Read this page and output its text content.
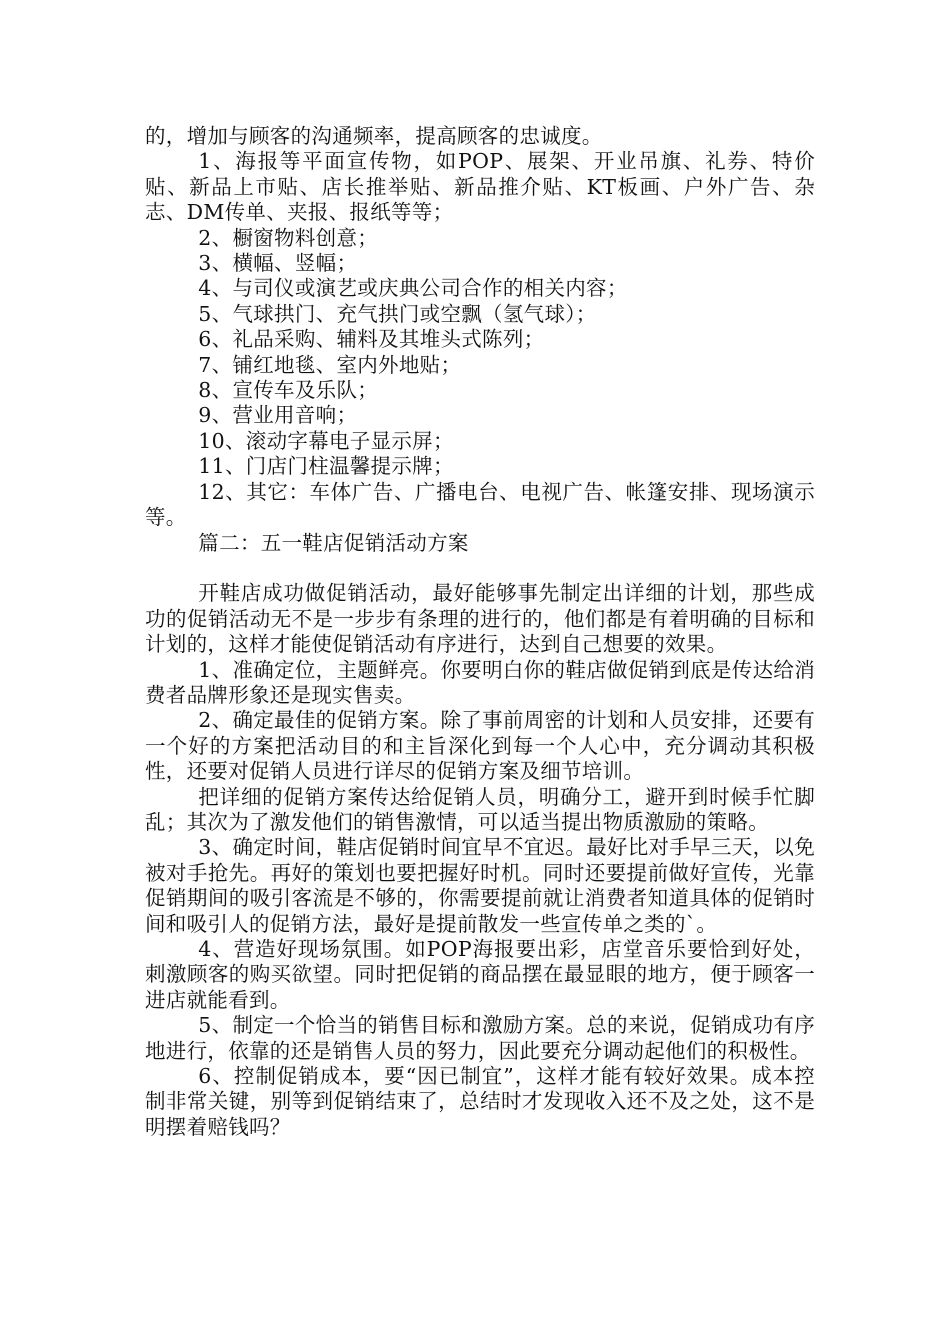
的，增加与顾客的沟通频率，提高顾客的忠诚度。

1、海报等平面宣传物，如POP、展架、开业吊旗、礼券、特价贴、新品上市贴、店长推举贴、新品推介贴、KT板画、户外广告、杂志、DM传单、夹报、报纸等等；

2、橱窗物料创意；

3、横幅、竖幅；

4、与司仪或演艺或庆典公司合作的相关内容；

5、气球拱门、充气拱门或空飘（氢气球）；

6、礼品采购、辅料及其堆头式陈列；

7、铺红地毯、室内外地贴；

8、宣传车及乐队；

9、营业用音响；

10、滚动字幕电子显示屏；

11、门店门柱温馨提示牌；

12、其它：车体广告、广播电台、电视广告、帐篷安排、现场演示等。

篇二：五一鞋店促销活动方案

开鞋店成功做促销活动，最好能够事先制定出详细的计划，那些成功的促销活动无不是一步步有条理的进行的，他们都是有着明确的目标和计划的，这样才能使促销活动有序进行，达到自己想要的效果。

1、准确定位，主题鲜亮。你要明白你的鞋店做促销到底是传达给消费者品牌形象还是现实售卖。

2、确定最佳的促销方案。除了事前周密的计划和人员安排，还要有一个好的方案把活动目的和主旨深化到每一个人心中，充分调动其积极性，还要对促销人员进行详尽的促销方案及细节培训。

把详细的促销方案传达给促销人员，明确分工，避开到时候手忙脚乱；其次为了激发他们的销售激情，可以适当提出物质激励的策略。

3、确定时间，鞋店促销时间宜早不宜迟。最好比对手早三天，以免被对手抢先。再好的策划也要把握好时机。同时还要提前做好宣传，光靠促销期间的吸引客流是不够的，你需要提前就让消费者知道具体的促销时间和吸引人的促销方法，最好是提前散发一些宣传单之类的`。

4、营造好现场氛围。如POP海报要出彩，店堂音乐要恰到好处，刺激顾客的购买欲望。同时把促销的商品摆在最显眼的地方，便于顾客一进店就能看到。

5、制定一个恰当的销售目标和激励方案。总的来说，促销成功有序地进行，依靠的还是销售人员的努力，因此要充分调动起他们的积极性。

6、控制促销成本，要“因已制宜”，这样才能有较好效果。成本控制非常关键，别等到促销结束了，总结时才发现收入还不及之处，这不是明摆着赔钱吗？
